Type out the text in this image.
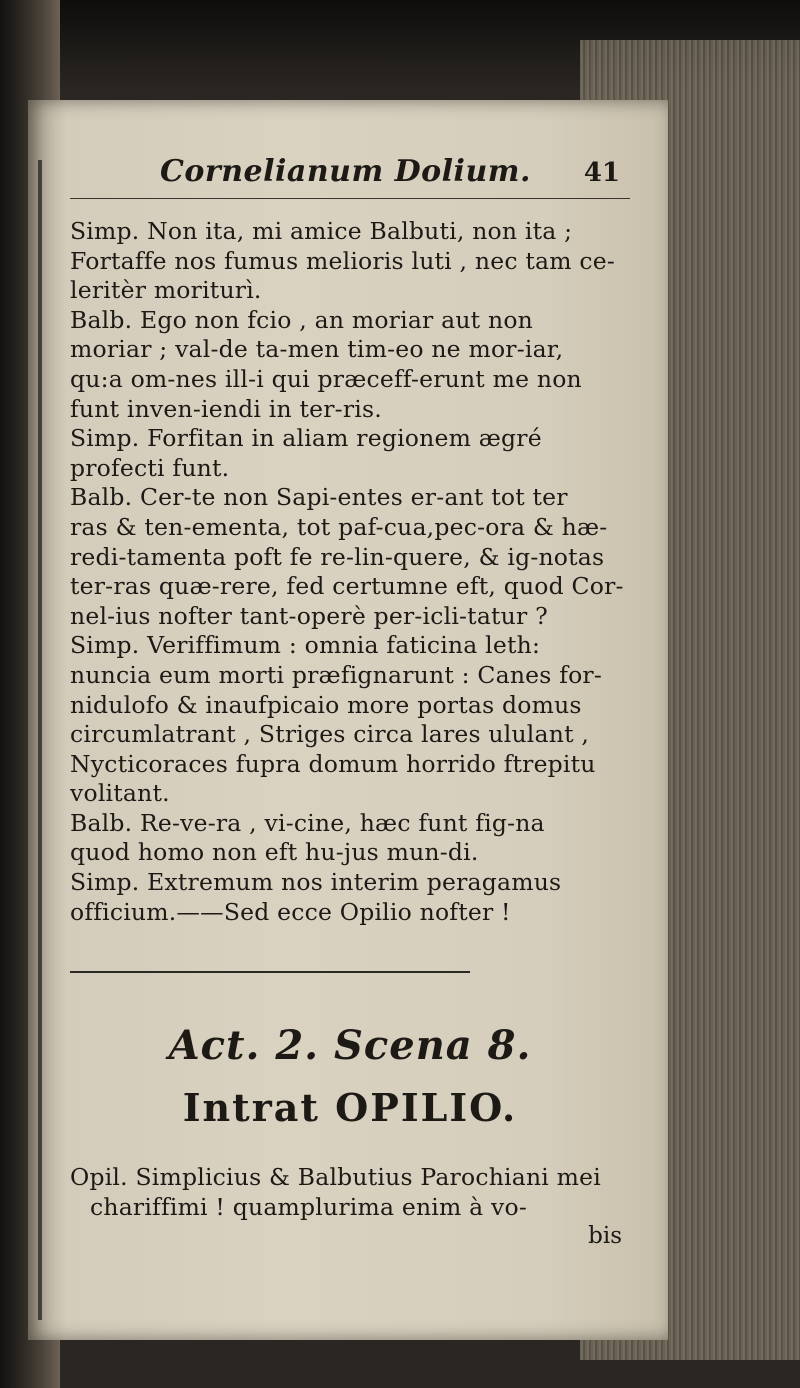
Cornelianum Dolium. 41
Simp. Non ita, mi amice Balbuti, non ita ;
Fortaffe nos fumus melioris luti , nec tam ce-
leritèr moriturì.
Balb. Ego non fcio , an moriar aut non
moriar ; val-de ta-men tim-eo ne mor-iar,
qu:a om-nes ill-i qui præceff-erunt me non
funt inven-iendi in ter-ris.
Simp. Forfitan in aliam regionem ægré
profecti funt.
Balb. Cer-te non Sapi-entes er-ant tot ter
ras & ten-ementa, tot paf-cua,pec-ora & hæ-
redi-tamenta poft fe re-lin-quere, & ig-notas
ter-ras quæ-rere, fed certumne eft, quod Cor-
nel-ius nofter tant-operè per-icli-tatur ?
Simp. Veriffimum : omnia faticina leth:
nuncia eum morti præfignarunt : Canes for-
nidulofo & inaufpicaio more portas domus
circumlatrant , Striges circa lares ululant ,
Nycticoraces fupra domum horrido ftrepitu
volitant.
Balb. Re-ve-ra , vi-cine, hæc funt fig-na
quod homo non eft hu-jus mun-di.
Simp. Extremum nos interim peragamus
officium.——Sed ecce Opilio nofter !
Act. 2. Scena 8.
Intrat OPILIO.
Opil. Simplicius & Balbutius Parochiani mei
chariffimi ! quamplurima enim à vo-
bis
